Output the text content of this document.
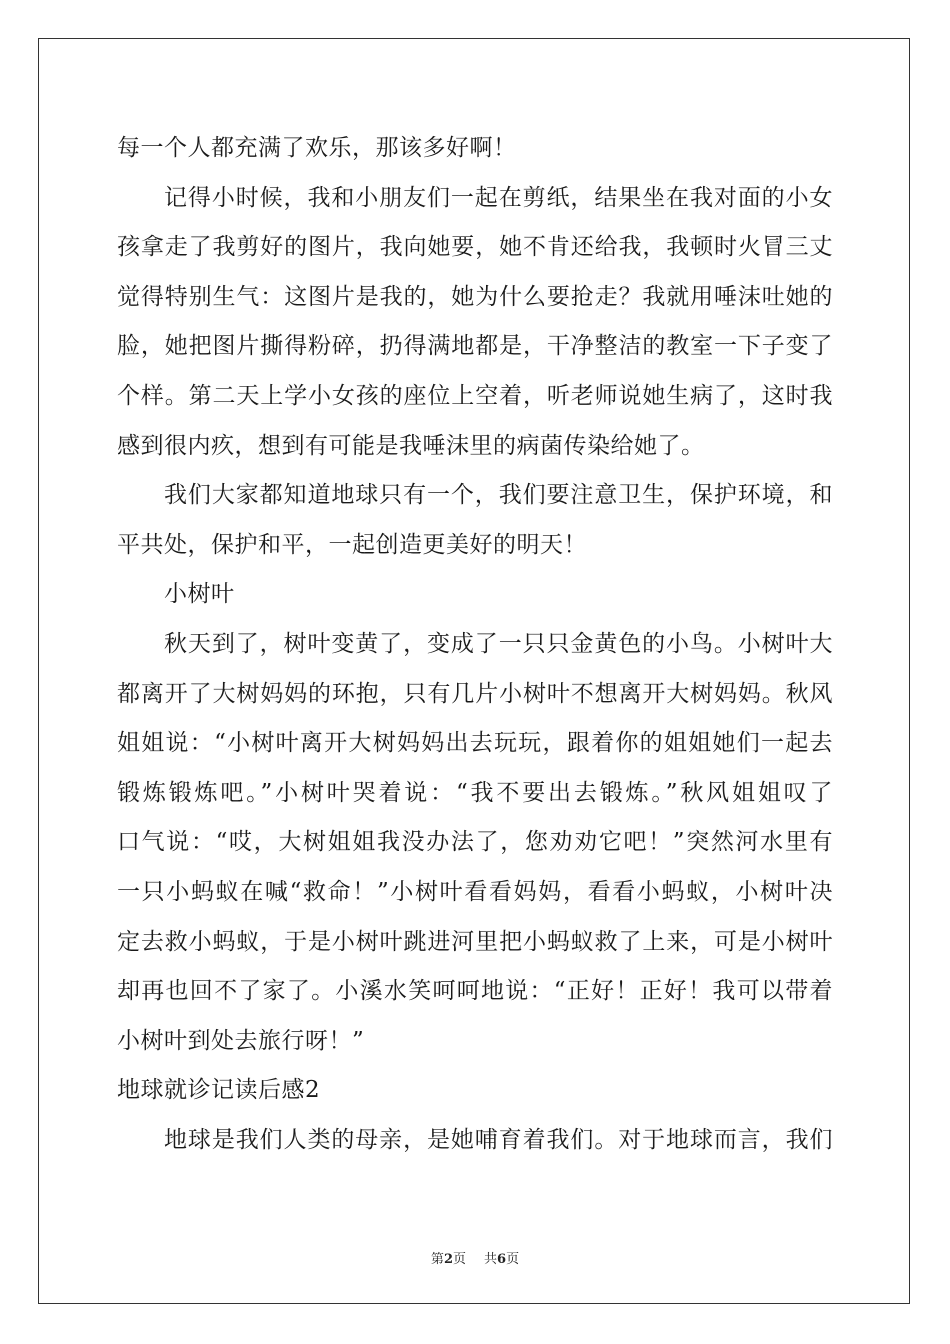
每一个人都充满了欢乐，那该多好啊！
记得小时候，我和小朋友们一起在剪纸，结果坐在我对面的小女
孩拿走了我剪好的图片，我向她要，她不肯还给我，我顿时火冒三丈
觉得特别生气：这图片是我的，她为什么要抢走？我就用唾沫吐她的
脸，她把图片撕得粉碎，扔得满地都是，干净整洁的教室一下子变了
个样。第二天上学小女孩的座位上空着，听老师说她生病了，这时我
感到很内疚，想到有可能是我唾沫里的病菌传染给她了。
我们大家都知道地球只有一个，我们要注意卫生，保护环境，和
平共处，保护和平，一起创造更美好的明天！
小树叶
秋天到了，树叶变黄了，变成了一只只金黄色的小鸟。小树叶大
都离开了大树妈妈的环抱，只有几片小树叶不想离开大树妈妈。秋风
姐姐说：“小树叶离开大树妈妈出去玩玩，跟着你的姐姐她们一起去
锻炼锻炼吧。”小树叶哭着说：“我不要出去锻炼。”秋风姐姐叹了
口气说：“哎，大树姐姐我没办法了，您劝劝它吧！”突然河水里有
一只小蚂蚁在喊“救命！”小树叶看看妈妈，看看小蚂蚁，小树叶决
定去救小蚂蚁，于是小树叶跳进河里把小蚂蚁救了上来，可是小树叶
却再也回不了家了。小溪水笑呵呵地说：“正好！正好！我可以带着
小树叶到处去旅行呀！”
地球就诊记读后感2
地球是我们人类的母亲，是她哺育着我们。对于地球而言，我们
第2页 共6页
